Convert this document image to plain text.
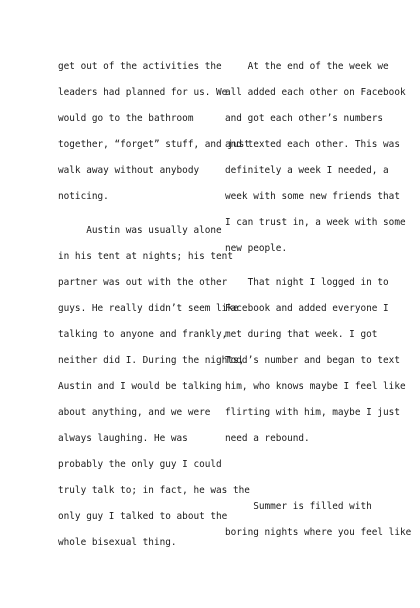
get out of the activities the
leaders had planned for us. We
would go to the bathroom
together, “forget” stuff, and just
walk away without anybody
noticing.
Austin was usually alone
in his tent at nights; his tent
partner was out with the other
guys. He really didn’t seem like
talking to anyone and frankly,
neither did I. During the nights,
Austin and I would be talking
about anything, and we were
always laughing. He was
probably the only guy I could
truly talk to; in fact, he was the
only guy I talked to about the
whole bisexual thing.
At the end of the week we
all added each other on Facebook
and got each other’s numbers
and texted each other. This was
definitely a week I needed, a
week with some new friends that
I can trust in, a week with some
new people.
That night I logged in to
Facebook and added everyone I
met during that week. I got
Todd’s number and began to text
him, who knows maybe I feel like
flirting with him, maybe I just
need a rebound.
Summer is filled with
boring nights where you feel like
